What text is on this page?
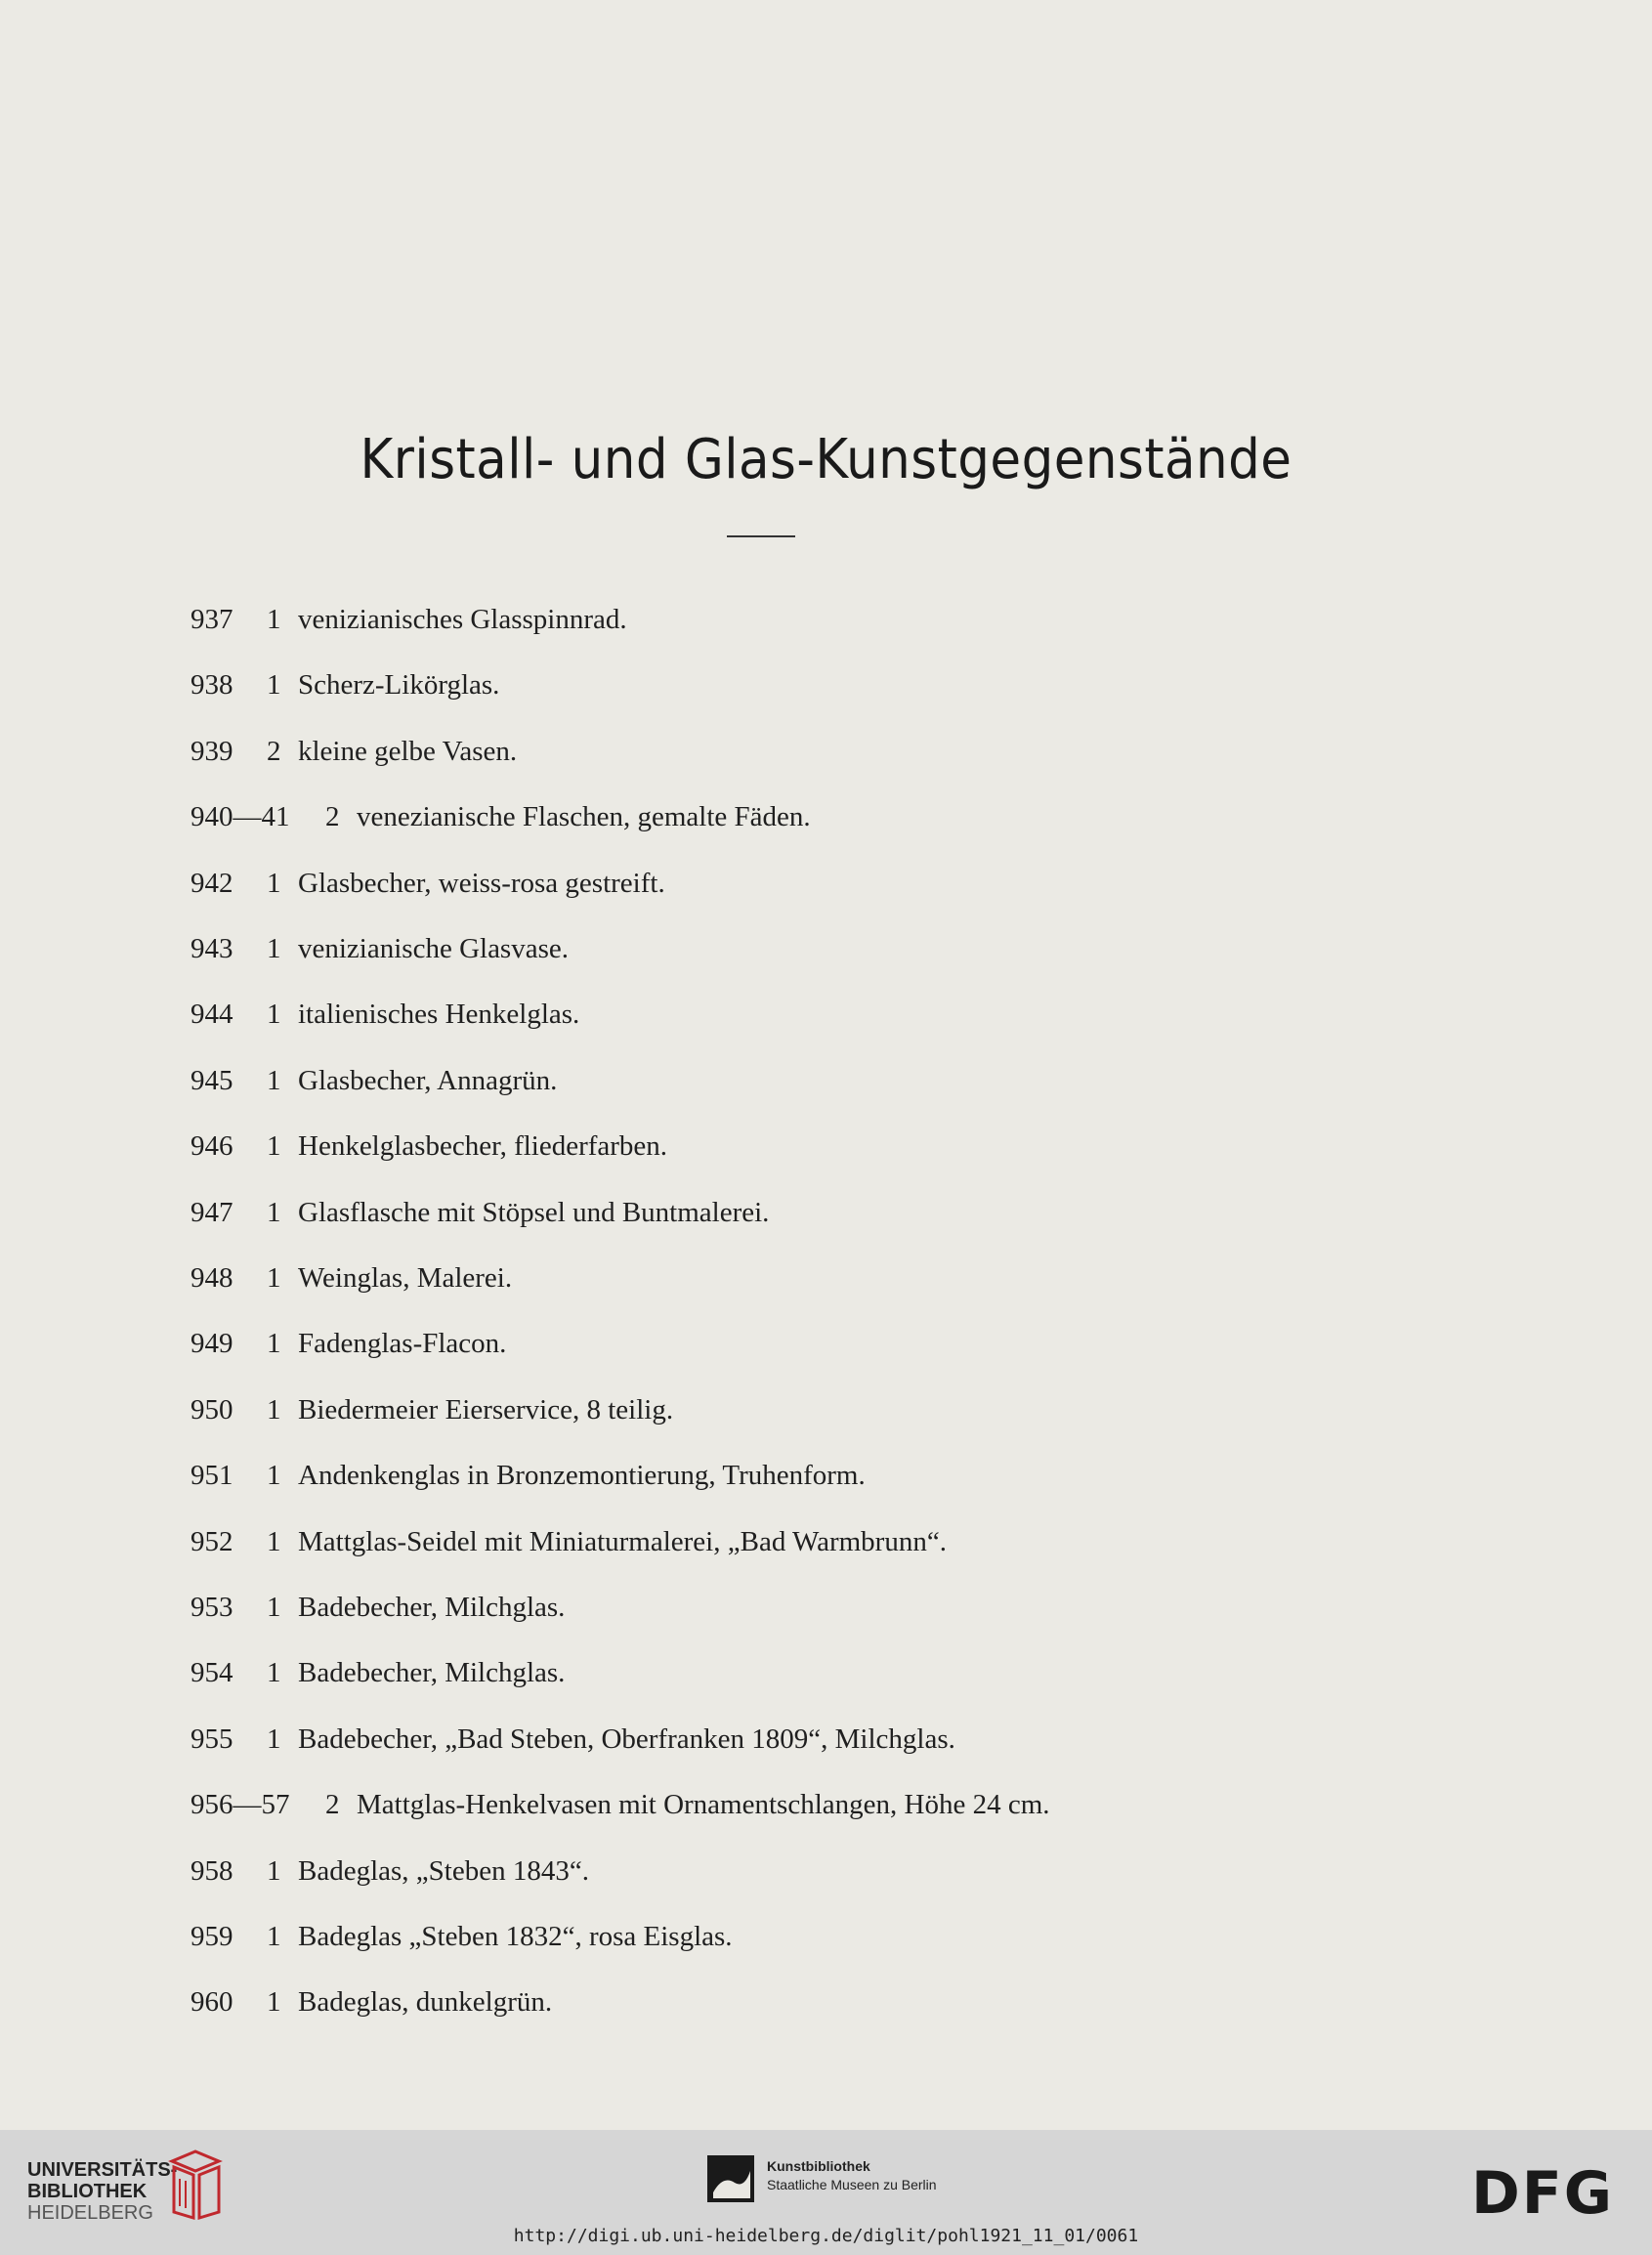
Kristall- und Glas-Kunstgegenstände
937 1 venizianisches Glasspinnrad.
938 1 Scherz-Likörglas.
939 2 kleine gelbe Vasen.
940—41 2 venezianische Flaschen, gemalte Fäden.
942 1 Glasbecher, weiss-rosa gestreift.
943 1 venizianische Glasvase.
944 1 italienisches Henkelglas.
945 1 Glasbecher, Annagrün.
946 1 Henkelglasbecher, fliederfarben.
947 1 Glasflasche mit Stöpsel und Buntmalerei.
948 1 Weinglas, Malerei.
949 1 Fadenglas-Flacon.
950 1 Biedermeier Eierservice, 8 teilig.
951 1 Andenkenglas in Bronzemontierung, Truhenform.
952 1 Mattglas-Seidel mit Miniaturmalerei, „Bad Warmbrunn“.
953 1 Badebecher, Milchglas.
954 1 Badebecher, Milchglas.
955 1 Badebecher, „Bad Steben, Oberfranken 1809“, Milchglas.
956—57 2 Mattglas-Henkelvasen mit Ornamentschlangen, Höhe 24 cm.
958 1 Badeglas, „Steben 1843“.
959 1 Badeglas „Steben 1832“, rosa Eisglas.
960 1 Badeglas, dunkelgrün.
UNIVERSITÄTS-
BIBLIOTHEK
HEIDELBERG
Kunstbibliothek
Staatliche Museen zu Berlin	DFG
http://digi.ub.uni-heidelberg.de/diglit/pohl1921_11_01/0061
